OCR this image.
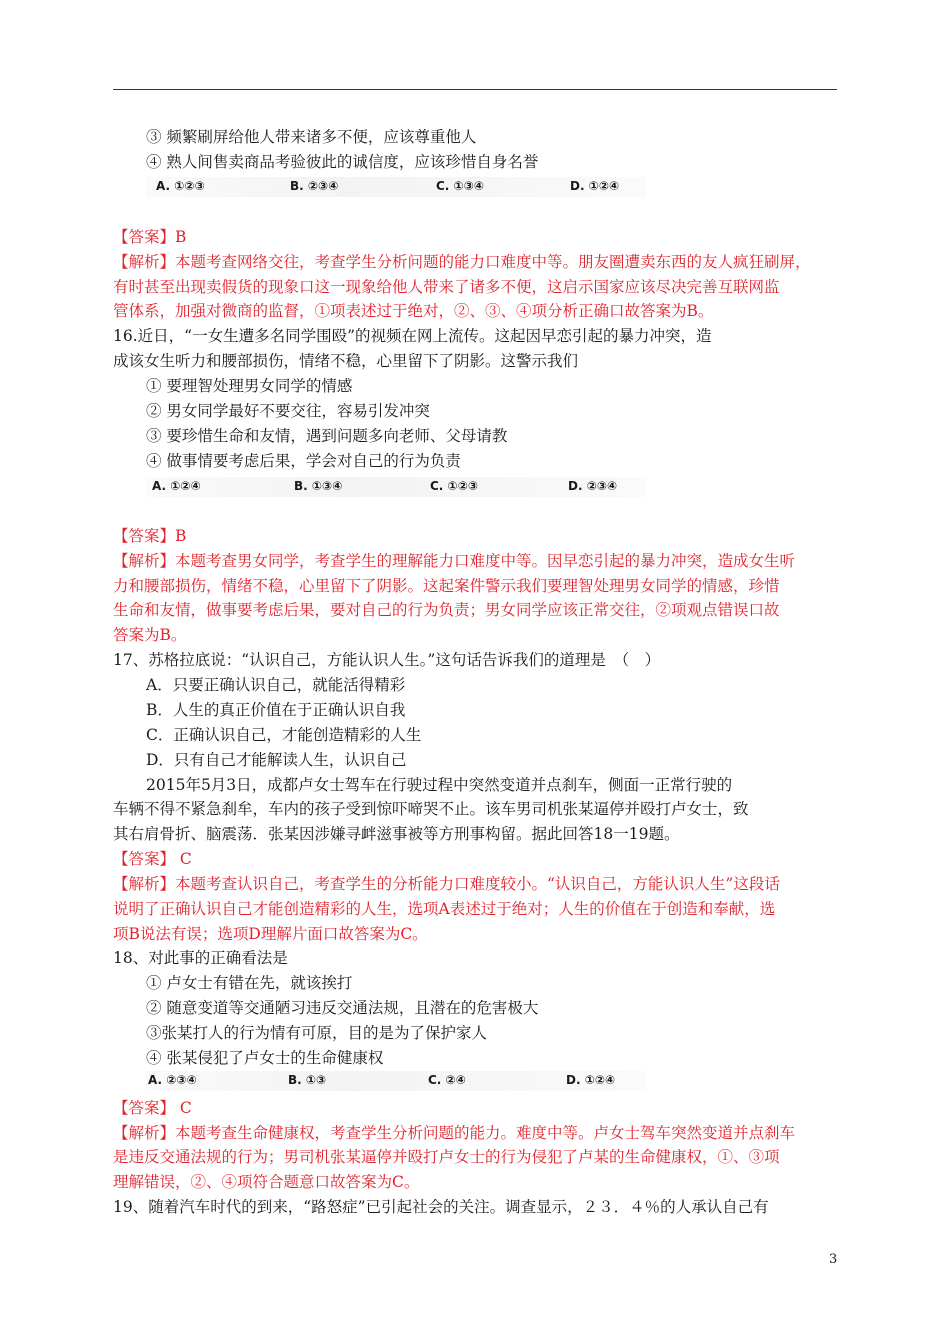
③ 频繁刷屏给他人带来诸多不便，应该尊重他人
④ 熟人间售卖商品考验彼此的诚信度，应该珍惜自身名誉
A. ①②③	B. ②③④	C. ①③④	D. ①②④
【答案】B
【解析】本题考查网络交往，考查学生分析问题的能力口难度中等。朋友圈遭卖东西的友人疯狂刷屏，
有时甚至出现卖假货的现象口这一现象给他人带来了诸多不便，这启示国家应该尽决完善互联网监
管体系，加强对微商的监督，①项表述过于绝对，②、③、④项分析正确口故答案为B。
16.近日，“一女生遭多名同学围殴”的视频在网上流传。这起因早恋引起的暴力冲突，造
成该女生听力和腰部损伤，情绪不稳，心里留下了阴影。这警示我们
① 要理智处理男女同学的情感
② 男女同学最好不要交往，容易引发冲突
③ 要珍惜生命和友情，遇到问题多向老师、父母请教
④ 做事情要考虑后果，学会对自己的行为负责
A. ①②④	B. ①③④	C. ①②③	D. ②③④
【答案】B
【解析】本题考查男女同学，考查学生的理解能力口难度中等。因早恋引起的暴力冲突，造成女生听
力和腰部损伤，情绪不稳，心里留下了阴影。这起案件警示我们要理智处理男女同学的情感，珍惜
生命和友情，做事要考虑后果，要对自己的行为负责；男女同学应该正常交往，②项观点错误口故
答案为B。
17、苏格拉底说：“认识自己，方能认识人生。”这句话告诉我们的道理是　（　）
A．只要正确认识自己，就能活得精彩
B．人生的真正价值在于正确认识自我
C．正确认识自己，才能创造精彩的人生
D．只有自己才能解读人生，认识自己
2015年5月3日，成都卢女士驾车在行驶过程中突然变道并点刹车，侧面一正常行驶的
车辆不得不紧急刹牟，车内的孩子受到惊吓啼哭不止。该车男司机张某逼停并殴打卢女士，致
其右肩骨折、脑震荡．张某因涉嫌寻衅滋事被等方刑事构留。据此回答18一19题。
【答案】 C
【解析】本题考查认识自己，考查学生的分析能力口难度较小。“认识自己，方能认识人生”这段话
说明了正确认识自己才能创造精彩的人生，选项A表述过于绝对；人生的价值在于创造和奉献，选
项B说法有误；选项D理解片面口故答案为C。
18、对此事的正确看法是
① 卢女士有错在先，就该挨打
② 随意变道等交通陋习违反交通法规，且潜在的危害极大
③张某打人的行为情有可原，目的是为了保护家人
④ 张某侵犯了卢女士的生命健康权
A. ②③④	B. ①③	C. ②④	D. ①②④
【答案】 C
【解析】本题考查生命健康权，考查学生分析问题的能力。难度中等。卢女士驾车突然变道并点刹车
是违反交通法规的行为；男司机张某逼停并殴打卢女士的行为侵犯了卢某的生命健康权，①、③项
理解错误，②、④项符合题意口故答案为C。
19、随着汽车时代的到来，“路怒症”已引起社会的关注。调查显示，２３．４％的人承认自己有
3
